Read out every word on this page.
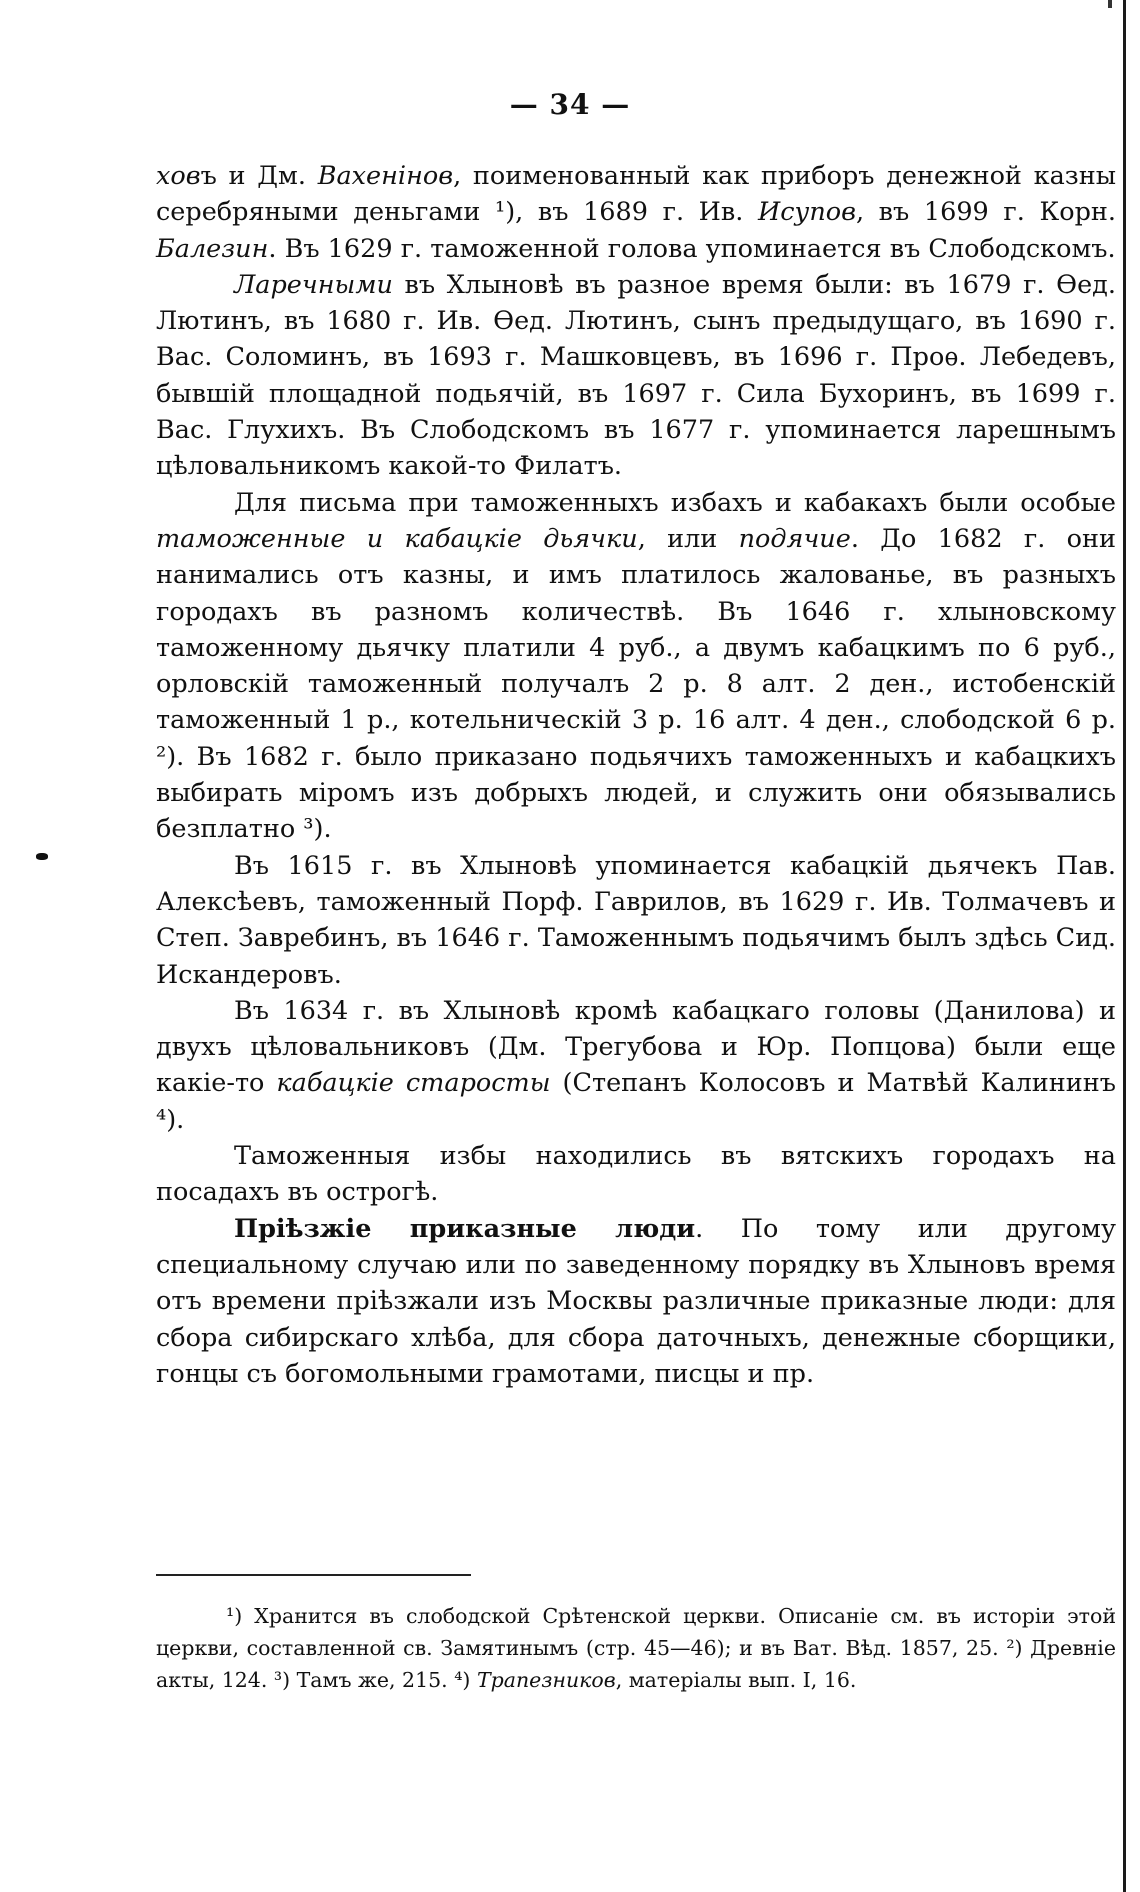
— 34 —

ховъ и Дм. Вахенінов, поименованный как приборъ денежной казны серебряными деньгами ¹), въ 1689 г. Ив. Исупов, въ 1699 г. Корн. Балезин. Въ 1629 г. таможенной голова упоминается въ Слободскомъ.

Ларечными въ Хлыновѣ въ разное время были: въ 1679 г. Ѳед. Лютинъ, въ 1680 г. Ив. Ѳед. Лютинъ, сынъ предыдущаго, въ 1690 г. Вас. Соломинъ, въ 1693 г. Машковцевъ, въ 1696 г. Проѳ. Лебедевъ, бывшій площадной подьячій, въ 1697 г. Сила Бухоринъ, въ 1699 г. Вас. Глухихъ. Въ Слободскомъ въ 1677 г. упоминается ларешнымъ цѣловальникомъ какой-то Филатъ.

Для письма при таможенныхъ избахъ и кабакахъ были особые таможенные и кабацкіе дьячки, или подячие. До 1682 г. они нанимались отъ казны, и имъ платилось жалованье, въ разныхъ городахъ въ разномъ количествѣ. Въ 1646 г. хлыновскому таможенному дьячку платили 4 руб., а двумъ кабацкимъ по 6 руб., орловскій таможенный получалъ 2 р. 8 алт. 2 ден., истобенскій таможенный 1 р., котельническій 3 р. 16 алт. 4 ден., слободской 6 р. ²). Въ 1682 г. было приказано подьячихъ таможенныхъ и кабацкихъ выбирать міромъ изъ добрыхъ людей, и служить они обязывались безплатно ³).

Въ 1615 г. въ Хлыновѣ упоминается кабацкій дьячекъ Пав. Алексѣевъ, таможенный Порф. Гаврилов, въ 1629 г. Ив. Толмачевъ и Степ. Завребинъ, въ 1646 г. Таможеннымъ подьячимъ былъ здѣсь Сид. Искандеровъ.

Въ 1634 г. въ Хлыновѣ кромѣ кабацкаго головы (Данилова) и двухъ цѣловальниковъ (Дм. Трегубова и Юр. Попцова) были еще какіе-то кабацкіе старосты (Степанъ Колосовъ и Матвѣй Калининъ ⁴).

Таможенныя избы находились въ вятскихъ городахъ на посадахъ въ острогѣ.

Пріѣзжіе приказные люди. По тому или другому специальному случаю или по заведенному порядку въ Хлыновъ время отъ времени пріѣзжали изъ Москвы различные приказные люди: для сбора сибирскаго хлѣба, для сбора даточныхъ, денежные сборщики, гонцы съ богомольными грамотами, писцы и пр.

¹) Хранится въ слободской Срѣтенской церкви. Описаніе см. въ исторіи этой церкви, составленной св. Замятинымъ (стр. 45—46); и въ Ват. Вѣд. 1857, 25. ²) Древніе акты, 124. ³) Тамъ же, 215. ⁴) Трапезников, матеріалы вып. I, 16.
